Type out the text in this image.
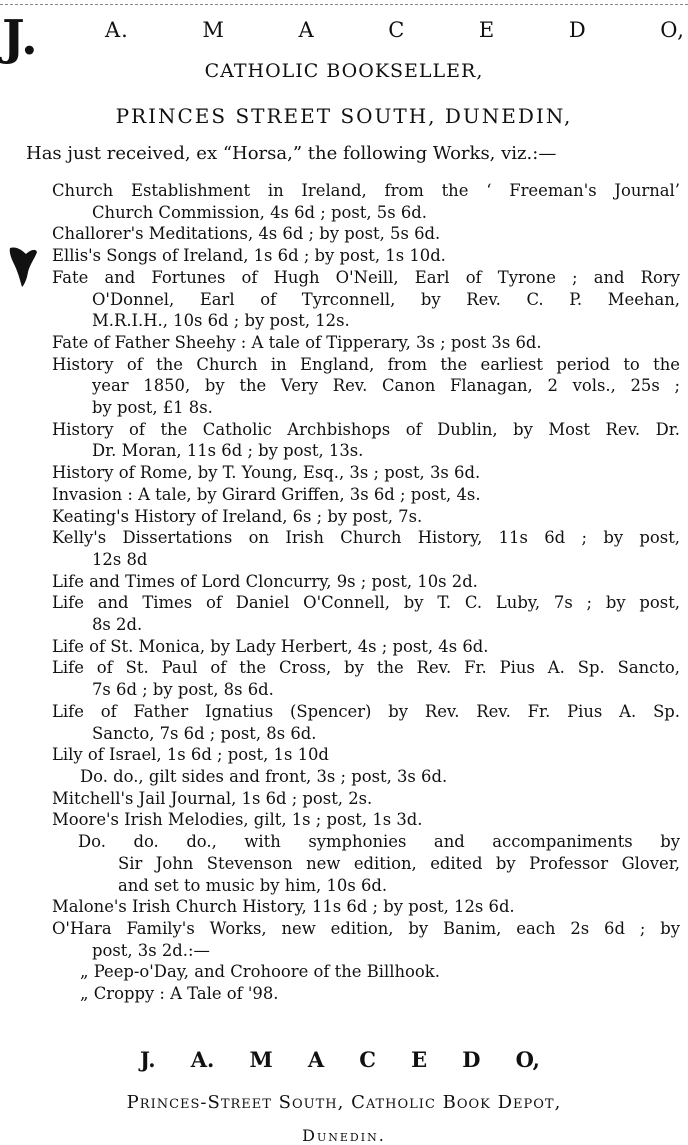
J.	A.	M	A	C	E	D	O,
CATHOLIC BOOKSELLER,
PRINCES STREET SOUTH, DUNEDIN,
Has just received, ex “Horsa,” the following Works, viz.:—
Church Establishment in Ireland, from the ‘ Freeman's Journal’
Church Commission, 4s 6d ; post, 5s 6d.
Challorer's Meditations, 4s 6d ; by post, 5s 6d.
Ellis's Songs of Ireland, 1s 6d ; by post, 1s 10d.
Fate and Fortunes of Hugh O'Neill, Earl of Tyrone ; and Rory
O'Donnel, Earl of Tyrconnell, by Rev. C. P. Meehan,
M.R.I.H., 10s 6d ; by post, 12s.
Fate of Father Sheehy : A tale of Tipperary, 3s ; post 3s 6d.
History of the Church in England, from the earliest period to the
year 1850, by the Very Rev. Canon Flanagan, 2 vols., 25s ;
by post, £1 8s.
History of the Catholic Archbishops of Dublin, by Most Rev. Dr.
Dr. Moran, 11s 6d ; by post, 13s.
History of Rome, by T. Young, Esq., 3s ; post, 3s 6d.
Invasion : A tale, by Girard Griffen, 3s 6d ; post, 4s.
Keating's History of Ireland, 6s ; by post, 7s.
Kelly's Dissertations on Irish Church History, 11s 6d ; by post,
12s 8d
Life and Times of Lord Cloncurry, 9s ; post, 10s 2d.
Life and Times of Daniel O'Connell, by T. C. Luby, 7s ; by post,
8s 2d.
Life of St. Monica, by Lady Herbert, 4s ; post, 4s 6d.
Life of St. Paul of the Cross, by the Rev. Fr. Pius A. Sp. Sancto,
7s 6d ; by post, 8s 6d.
Life of Father Ignatius (Spencer) by Rev. Rev. Fr. Pius A. Sp.
Sancto, 7s 6d ; post, 8s 6d.
Lily of Israel, 1s 6d ; post, 1s 10d
Do. do., gilt sides and front, 3s ; post, 3s 6d.
Mitchell's Jail Journal, 1s 6d ; post, 2s.
Moore's Irish Melodies, gilt, 1s ; post, 1s 3d.
Do. do. do., with symphonies and accompaniments by
Sir John Stevenson new edition, edited by Professor Glover,
and set to music by him, 10s 6d.
Malone's Irish Church History, 11s 6d ; by post, 12s 6d.
O'Hara Family's Works, new edition, by Banim, each 2s 6d ; by
post, 3s 2d.:—
„ Peep-o'Day, and Crohoore of the Billhook.
„ Croppy : A Tale of '98.
J. A. M A C E D O,
Princes-Street South, Catholic Book Depot,
Dunedin.
